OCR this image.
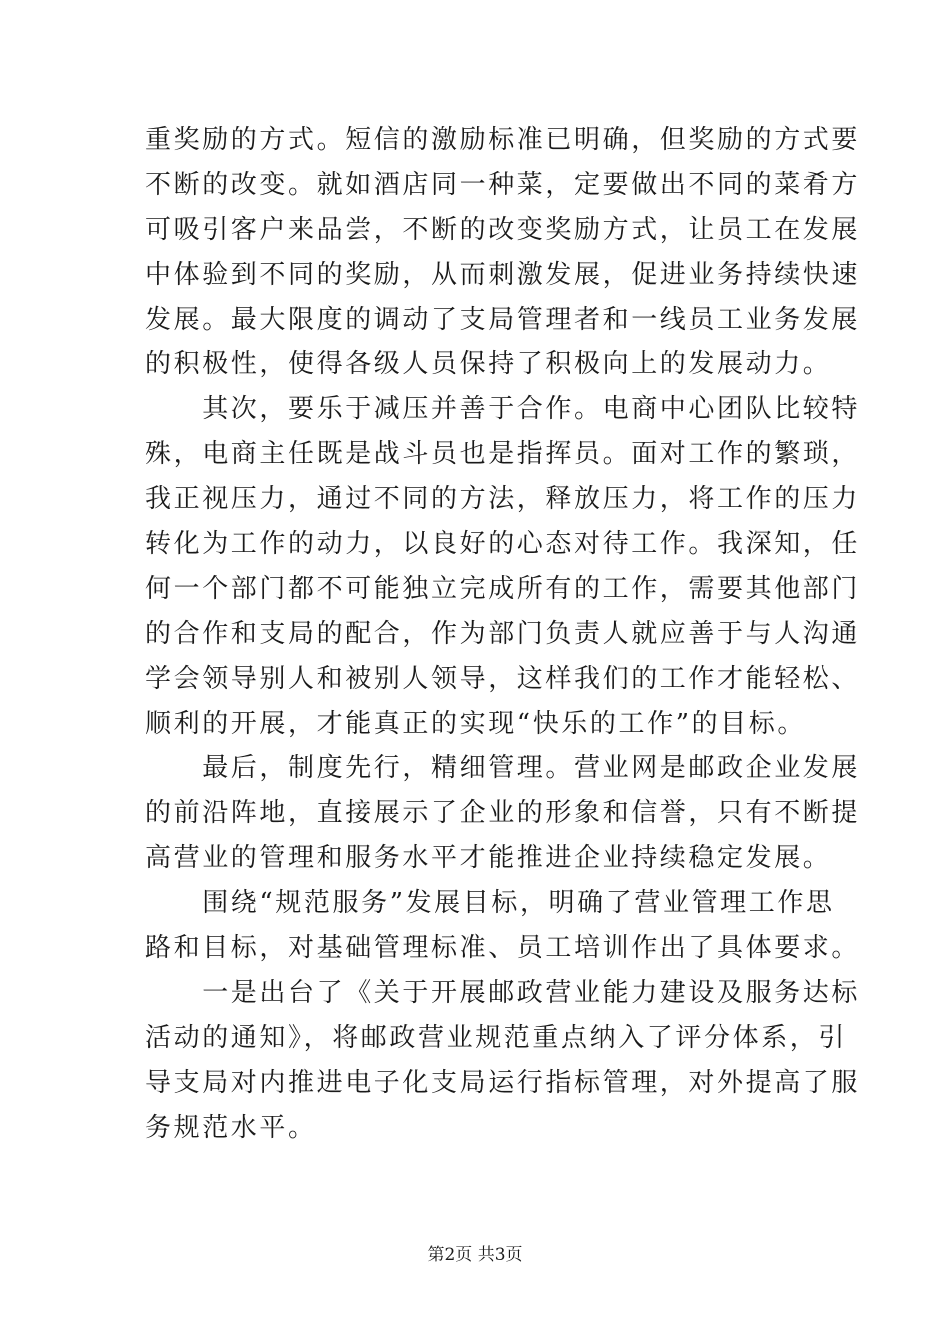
重奖励的方式。短信的激励标准已明确，但奖励的方式要
不断的改变。就如酒店同一种菜，定要做出不同的菜肴方
可吸引客户来品尝，不断的改变奖励方式，让员工在发展
中体验到不同的奖励，从而刺激发展，促进业务持续快速
发展。最大限度的调动了支局管理者和一线员工业务发展
的积极性，使得各级人员保持了积极向上的发展动力。
　　其次，要乐于减压并善于合作。电商中心团队比较特
殊，电商主任既是战斗员也是指挥员。面对工作的繁琐，
我正视压力，通过不同的方法，释放压力，将工作的压力
转化为工作的动力，以良好的心态对待工作。我深知，任
何一个部门都不可能独立完成所有的工作，需要其他部门
的合作和支局的配合，作为部门负责人就应善于与人沟通
学会领导别人和被别人领导，这样我们的工作才能轻松、
顺利的开展，才能真正的实现“快乐的工作”的目标。
　　最后，制度先行，精细管理。营业网是邮政企业发展
的前沿阵地，直接展示了企业的形象和信誉，只有不断提
高营业的管理和服务水平才能推进企业持续稳定发展。
　　围绕“规范服务”发展目标，明确了营业管理工作思
路和目标，对基础管理标准、员工培训作出了具体要求。
　　一是出台了《关于开展邮政营业能力建设及服务达标
活动的通知》，将邮政营业规范重点纳入了评分体系，引
导支局对内推进电子化支局运行指标管理，对外提高了服
务规范水平。
第2页 共3页
